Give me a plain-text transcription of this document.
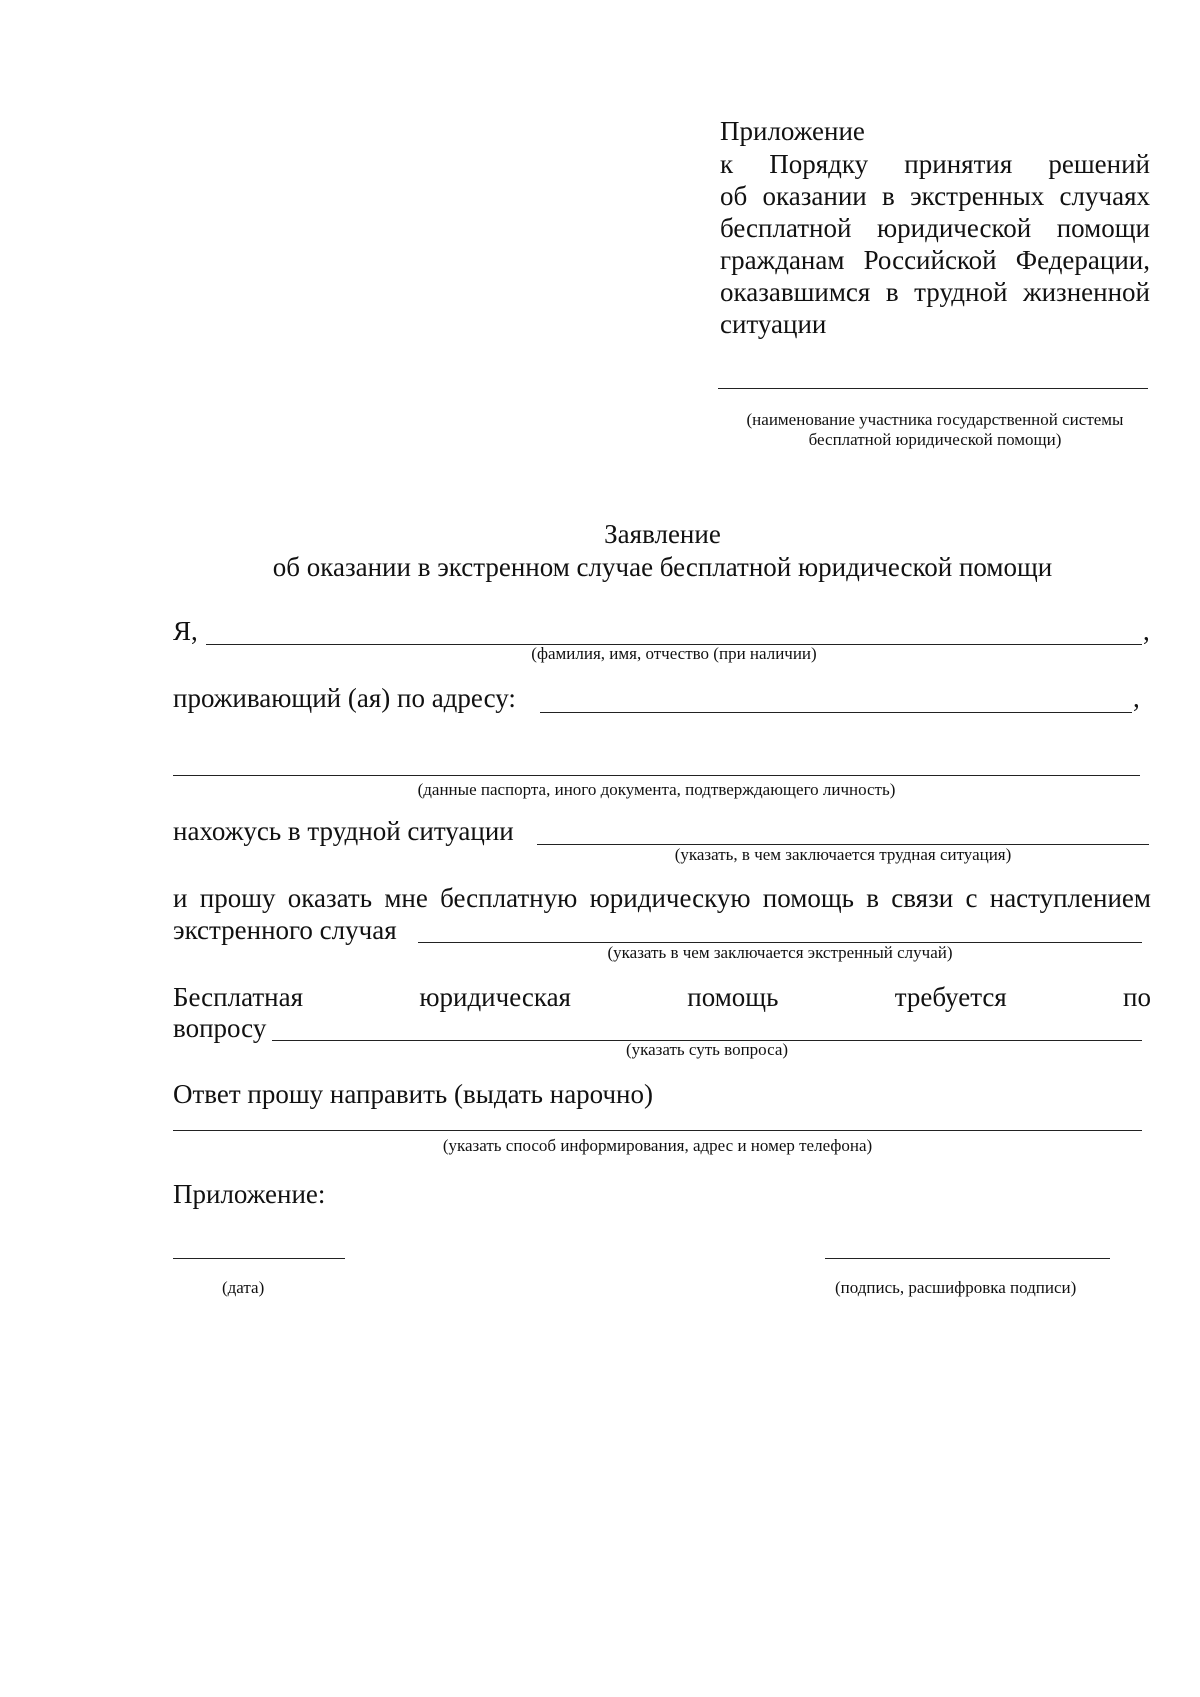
Приложение
к Порядку принятия решений
об оказании в экстренных случаях
бесплатной юридической помощи
гражданам Российской Федерации,
оказавшимся в трудной жизненной
ситуации
(наименование участника государственной системы
бесплатной юридической помощи)
Заявление
об оказании в экстренном случае бесплатной юридической помощи
Я,	,
(фамилия, имя, отчество (при наличии)
проживающий (ая) по адресу:	,
(данные паспорта, иного документа, подтверждающего личность)
нахожусь в трудной ситуации
(указать, в чем заключается трудная ситуация)
и прошу оказать мне бесплатную юридическую помощь в связи с наступлением
экстренного случая
(указать в чем заключается экстренный случай)
Бесплатная юридическая помощь требуется по
вопросу
(указать суть вопроса)
Ответ прошу направить (выдать нарочно)
(указать способ информирования, адрес и номер телефона)
Приложение:
(дата)	(подпись, расшифровка подписи)
